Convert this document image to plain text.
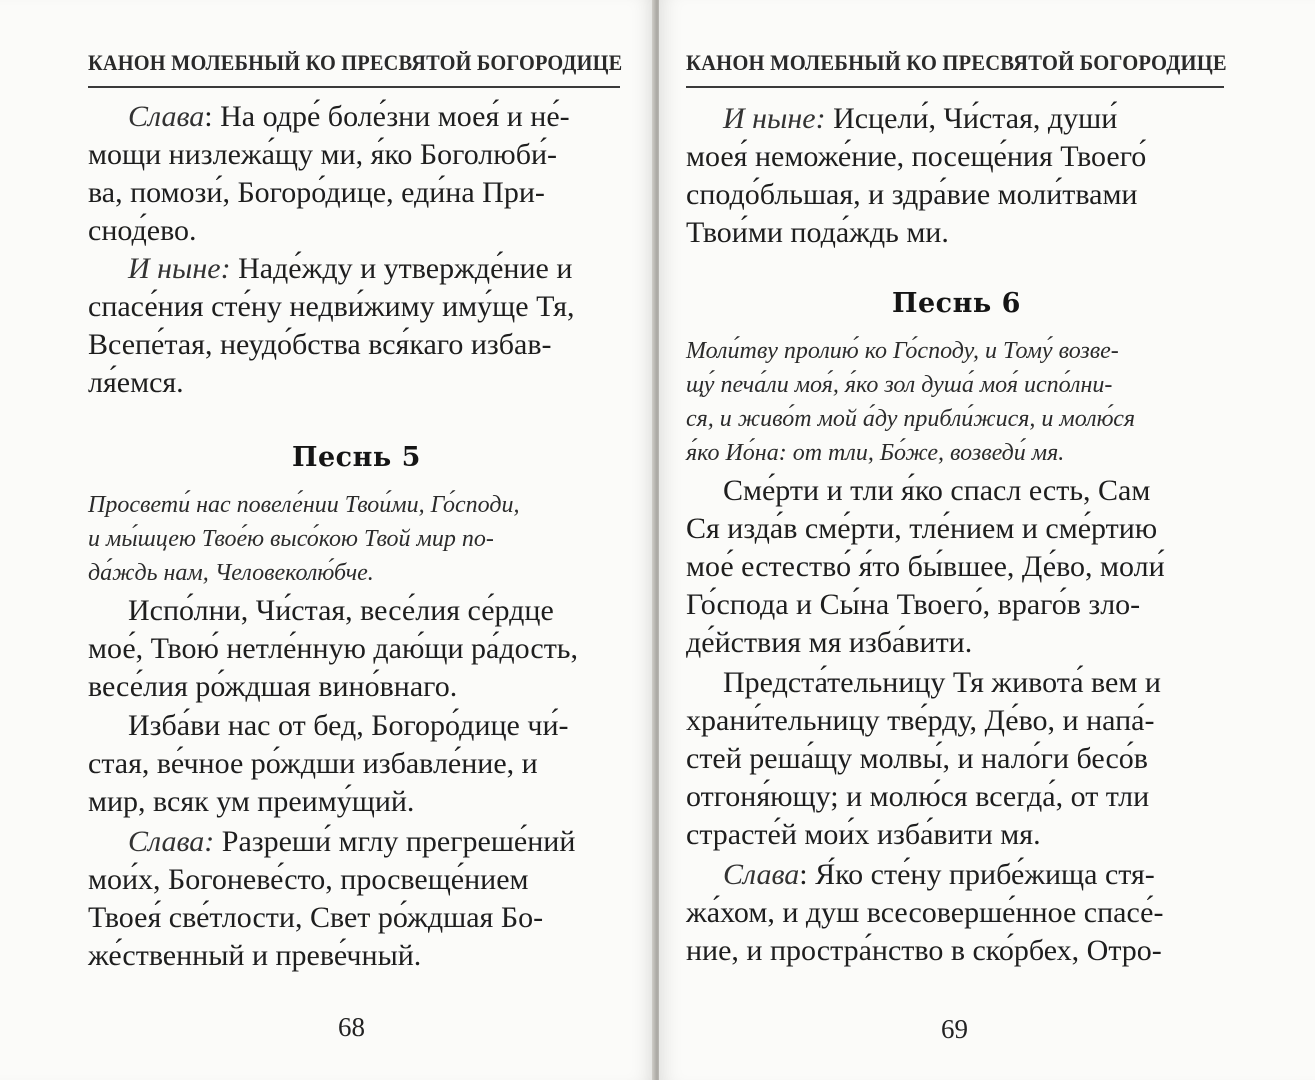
КАНОН МОЛЕБНЫЙ КО ПРЕСВЯТОЙ БОГОРОДИЦЕ
Слава: На одре́ боле́зни моея́ и не́-
мощи низлежа́щу ми, я́ко Боголюби́-
ва, помози́, Богоро́дице, еди́на При-
снод́ево.
И ныне: Наде́жду и утвержде́ние и
спасе́ния сте́ну недви́жиму иму́ще Тя,
Всепе́тая, неудо́бства вся́каго избав-
ля́емся.
Песнь 5
Просвети́ нас повеле́нии Твои́ми, Го́споди,
и мы́шцею Твое́ю высо́кою Твой мир по-
да́ждь нам, Человеколю́бче.
Испо́лни, Чи́стая, весе́лия се́рдце
мое́, Твою́ нетле́нную даю́щи ра́дость,
весе́лия ро́ждшая вино́внаго.
Изба́ви нас от бед, Богоро́дице чи́-
стая, ве́чное ро́ждши избавле́ние, и
мир, всяк ум преиму́щий.
Слава: Разреши́ мглу прегреше́ний
мои́х, Богоневе́сто, просвеще́нием
Твоея́ све́тлости, Свет ро́ждшая Бо-
же́ственный и преве́чный.
68
КАНОН МОЛЕБНЫЙ КО ПРЕСВЯТОЙ БОГОРОДИЦЕ
И ныне: Исцели́, Чи́стая, души́
моея́ неможе́ние, посеще́ния Твоего́
сподо́бльшая, и здра́вие моли́твами
Твои́ми пода́ждь ми.
Песнь 6
Моли́тву пролию́ ко Го́споду, и Тому́ возве-
щу́ печа́ли моя́, я́ко зол душа́ моя́ испо́лни-
ся, и живо́т мой а́ду прибли́жися, и молю́ся
я́ко Ио́на: от тли, Бо́же, возведи́ мя.
Сме́рти и тли я́ко спасл есть, Сам
Ся изда́в сме́рти, тле́нием и сме́ртию
мое́ естество́ я́то бы́вшее, Де́во, моли́
Го́спода и Сы́на Твоего́, враго́в зло-
де́йствия мя изба́вити.
Предста́тельницу Тя живота́ вем и
храни́тельницу тве́рду, Де́во, и напа́-
стей реша́щу молвы́, и нало́ги бесо́в
отгоня́ющу; и молю́ся всегда́, от тли
страсте́й мои́х изба́вити мя.
Слава: Я́ко сте́ну прибе́жища стя-
жа́хом, и душ всесоверше́нное спасе́-
ние, и простра́нство в ско́рбех, Отро-
69
